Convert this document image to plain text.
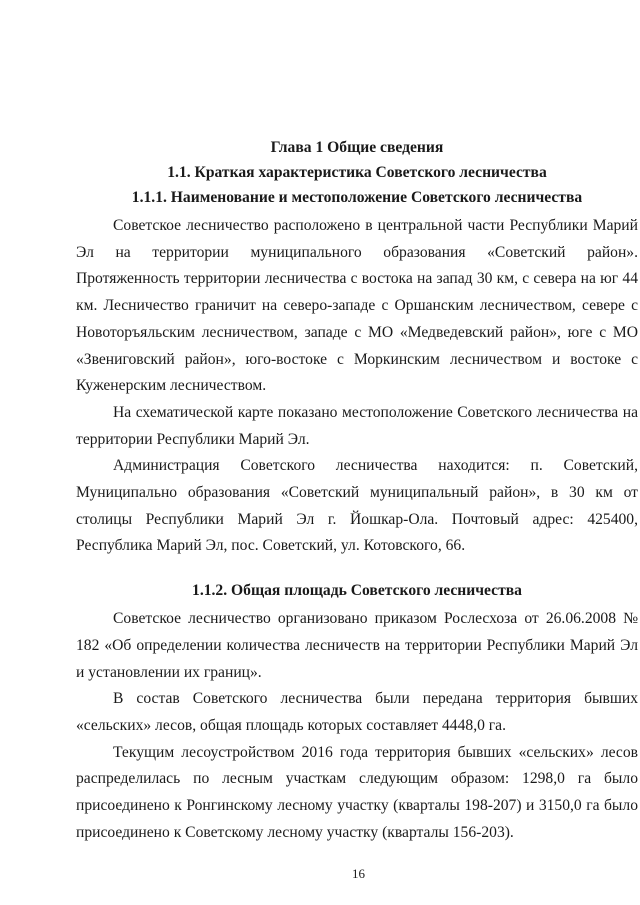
Глава 1 Общие сведения
1.1. Краткая характеристика Советского лесничества
1.1.1. Наименование и местоположение Советского лесничества

Советское лесничество расположено в центральной части Республики Марий Эл на территории муниципального образования «Советский район». Протяженность территории лесничества с востока на запад 30 км, с севера на юг 44 км. Лесничество граничит на северо-западе с Оршанским лесничеством, севере с Новоторъяльским лесничеством, западе с МО «Медведевский район», юге с МО «Звениговский район», юго-востоке с Моркинским лесничеством и востоке с Куженерским лесничеством.

На схематической карте показано местоположение Советского лесничества на территории Республики Марий Эл.

Администрация Советского лесничества находится: п. Советский, Муниципально образования «Советский муниципальный район», в 30 км от столицы Республики Марий Эл г. Йошкар-Ола. Почтовый адрес: 425400, Республика Марий Эл, пос. Советский, ул. Котовского, 66.

1.1.2. Общая площадь Советского лесничества

Советское лесничество организовано приказом Рослесхоза от 26.06.2008 № 182 «Об определении количества лесничеств на территории Республики Марий Эл и установлении их границ».

В состав Советского лесничества были передана территория бывших «сельских» лесов, общая площадь которых составляет 4448,0 га.

Текущим лесоустройством 2016 года территория бывших «сельских» лесов распределилась по лесным участкам следующим образом: 1298,0 га было присоединено к Ронгинскому лесному участку (кварталы 198-207) и 3150,0 га было присоединено к Советскому лесному участку (кварталы 156-203).

16
